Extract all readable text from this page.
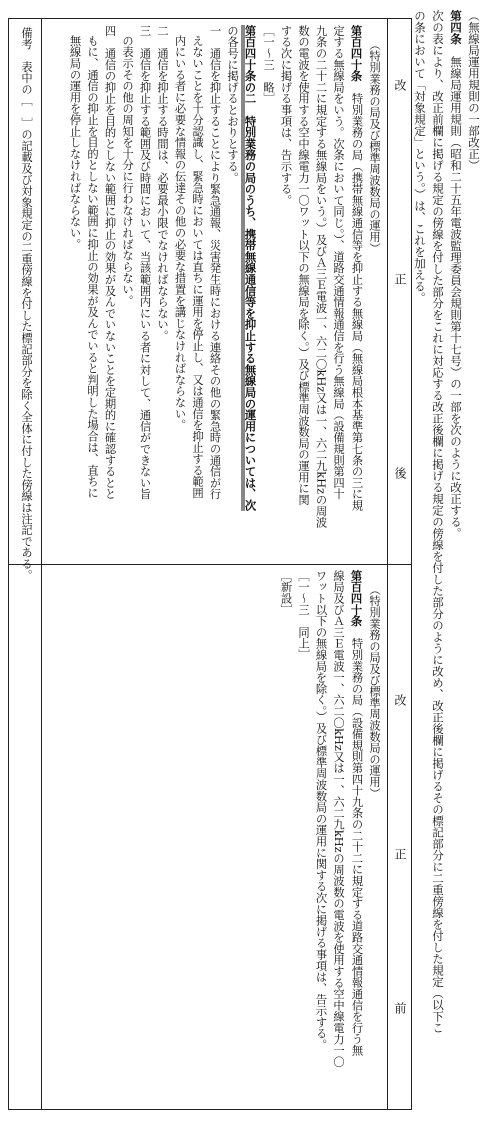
（無線局運用規則の一部改正） 第四条　無線局運用規則（昭和二十五年電波監理委員会規則第十七号）の一部を次のように改正する。 次の表により、改正前欄に掲げる規定の傍線を付した部分をこれに対応する改正後欄に掲げる規定の傍線を付した部分のように改め、改正後欄に掲げるその標記部分に二重傍線を付した規定（以下こ の条において「対象規定」という。）は、これを加える。
改
正
後
（特別業務の局及び標準周波数局の運用） 第百四十条　特別業務の局（携帯無線通信等を抑止する無線局（無線局根本基準第七条の三に規 定する無線局をいう。次条において同じ。）、道路交通情報通信を行う無線局（設備規則第四十 九条の二十二に規定する無線局をいう。）及びＡ三Ｅ電波一、六二〇kHz又は一、六二九kHzの周波 数の電波を使用する空中線電力一〇ワット以下の無線局を除く。）及び標準周波数局の運用に関 する次に掲げる事項は、告示する。 ［一～三　略］ 第百四十条の二　特別業務の局のうち、携帯無線通信等を抑止する無線局の運用については、次 の各号に掲げるとおりとする。 一　通信を抑止することにより緊急通報、災害発生時における連絡その他の緊急時の通信が行 えないことを十分認識し、緊急時においては直ちに運用を停止し、又は通信を抑止する範囲 内にいる者に必要な情報の伝達その他の必要な措置を講じなければならない。 二　通信を抑止する時間は、必要最小限でなければならない。 三　通信を抑止する範囲及び時間において、当該範囲内にいる者に対して、通信ができない旨 の表示その他の周知を十分に行わなければならない。 四　通信の抑止を目的としない範囲に抑止の効果が及んでいないことを定期的に確認するとと もに、通信の抑止を目的としない範囲に抑止の効果が及んでいると判明した場合は、直ちに 無線局の運用を停止しなければならない。
改
正
前
（特別業務の局及び標準周波数局の運用） 第百四十条　特別業務の局（設備規則第四十九条の二十二に規定する道路交通情報通信を行う無 線局及びＡ三Ｅ電波一、六二〇kHz又は一、六二九kHzの周波数の電波を使用する空中線電力一〇 ワット以下の無線局を除く。）及び標準周波数局の運用に関する次に掲げる事項は、告示する。 ［一～三　同上］ ［新設］
備考　表中の［　］の記載及び対象規定の二重傍線を付した標記部分を除く全体に付した傍線は注記である。
